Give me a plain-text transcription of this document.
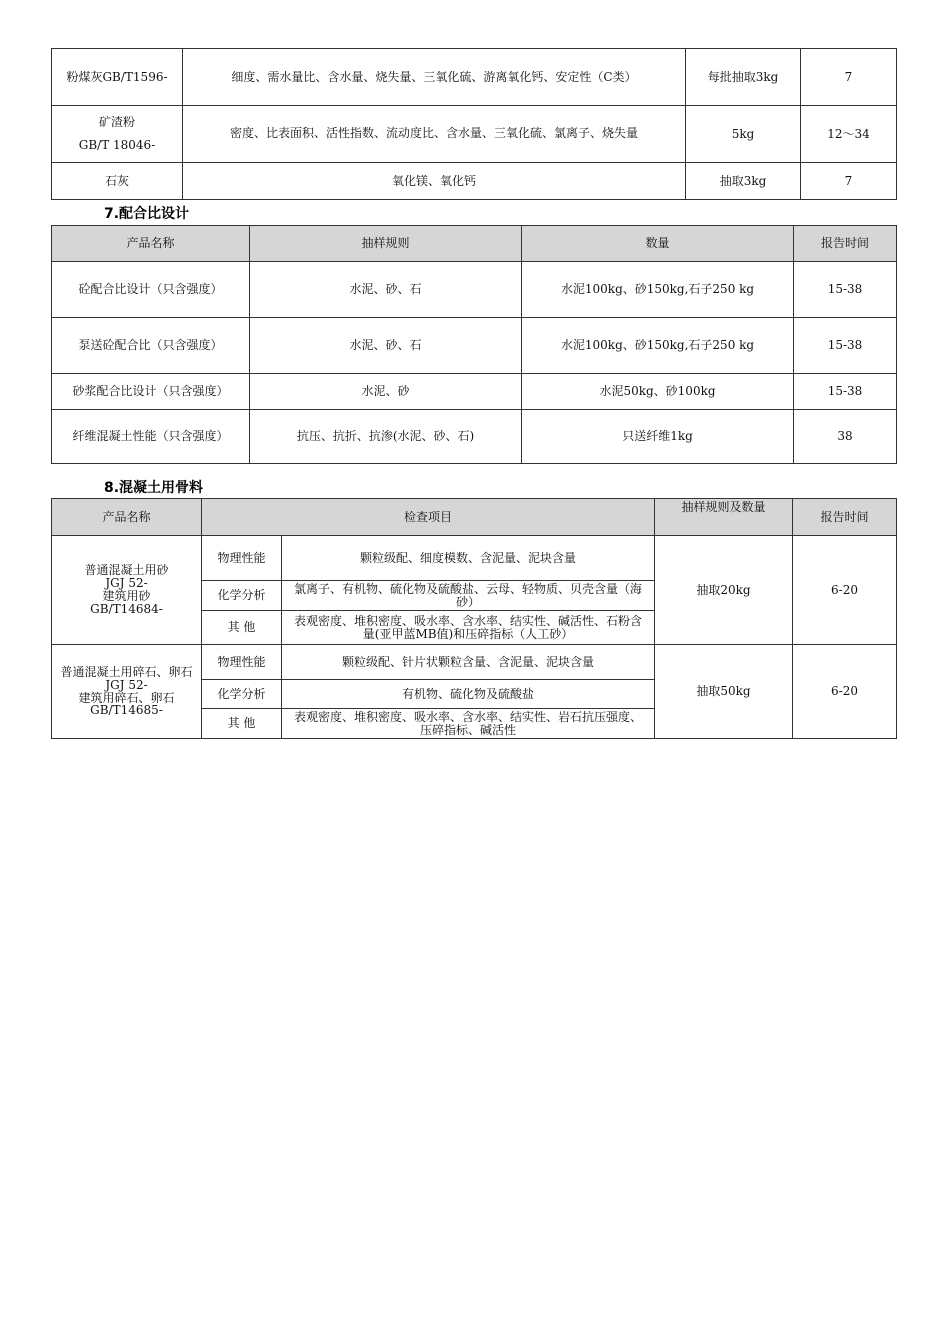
粉煤灰GB/T1596-	细度、需水量比、含水量、烧失量、三氧化硫、游离氧化钙、安定性（C类）	每批抽取3kg	7

矿渣粉
GB/T 18046-	密度、比表面积、活性指数、流动度比、含水量、三氧化硫、氯离子、烧失量	5kg	12～34
石灰	氧化镁、氧化钙	抽取3kg	7
7.配合比设计
产品名称	抽样规则	数量	报告时间
砼配合比设计（只含强度）	水泥、砂、石	水泥100kg、砂150kg,石子250 kg	15-38
泵送砼配合比（只含强度）	水泥、砂、石	水泥100kg、砂150kg,石子250 kg	15-38
砂浆配合比设计（只含强度）	水泥、砂	水泥50kg、砂100kg	15-38
纤维混凝土性能（只含强度）	抗压、抗折、抗渗(水泥、砂、石)	只送纤维1kg	38
8.混凝土用骨料
产品名称	检查项目		抽样规则及数量	报告时间

普通混凝土用砂
JGJ 52-
建筑用砂
GB/T14684-	物理性能	颗粒级配、细度模数、含泥量、泥块含量	抽取20kg	6-20
	化学分析	氯离子、有机物、硫化物及硫酸盐、云母、轻物质、贝壳含量（海砂）		
	其 他	表观密度、堆积密度、吸水率、含水率、结实性、碱活性、石粉含量(亚甲蓝MB值)和压碎指标（人工砂）		

普通混凝土用碎石、卵石
JGJ 52-
建筑用碎石、卵石
GB/T14685-	物理性能	颗粒级配、针片状颗粒含量、含泥量、泥块含量	抽取50kg	6-20
	化学分析	有机物、硫化物及硫酸盐		
	其 他	表观密度、堆积密度、吸水率、含水率、结实性、岩石抗压强度、压碎指标、碱活性		
